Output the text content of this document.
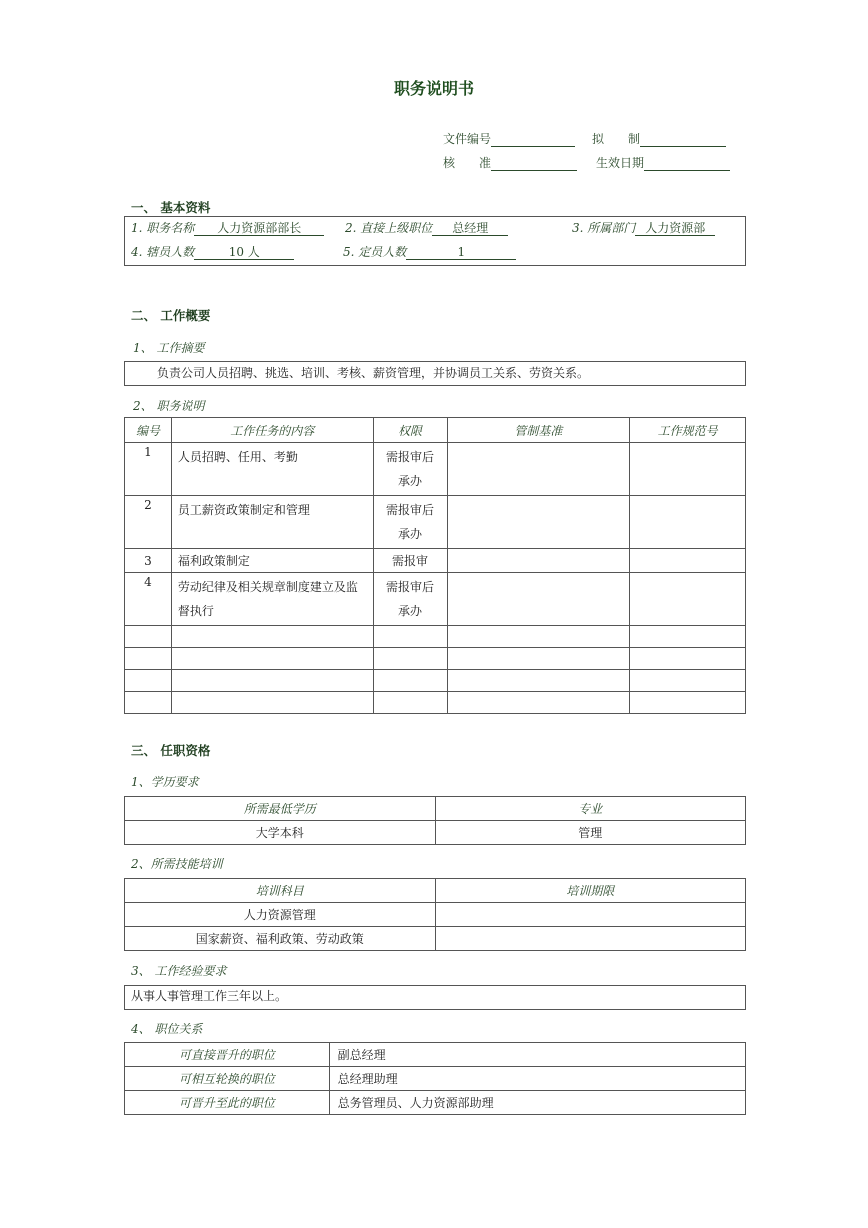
职务说明书
文件编号	拟　　制
核　　准	生效日期
一、 基本资料
1. 职务名称 人力资源部部长	2. 直接上级职位 总经理	3. 所属部门 人力资源部
4. 辖员人数	10 人	5. 定员人数	1
二、 工作概要
1、 工作摘要
负责公司人员招聘、挑选、培训、考核、薪资管理，并协调员工关系、劳资关系。
2、 职务说明
编号	工作任务的内容	权限	管制基准	工作规范号
1	人员招聘、任用、考勤	需报审后承办		
2	员工薪资政策制定和管理	需报审后承办		
3	福利政策制定	需报审		
4	劳动纪律及相关规章制度建立及监督执行	需报审后承办		

三、 任职资格
1、学历要求
所需最低学历	专业
大学本科	管理
2、所需技能培训
培训科目	培训期限
人力资源管理	
国家薪资、福利政策、劳动政策	
3、 工作经验要求
从事人事管理工作三年以上。
4、 职位关系
可直接晋升的职位	副总经理
可相互轮换的职位	总经理助理
可晋升至此的职位	总务管理员、人力资源部助理
